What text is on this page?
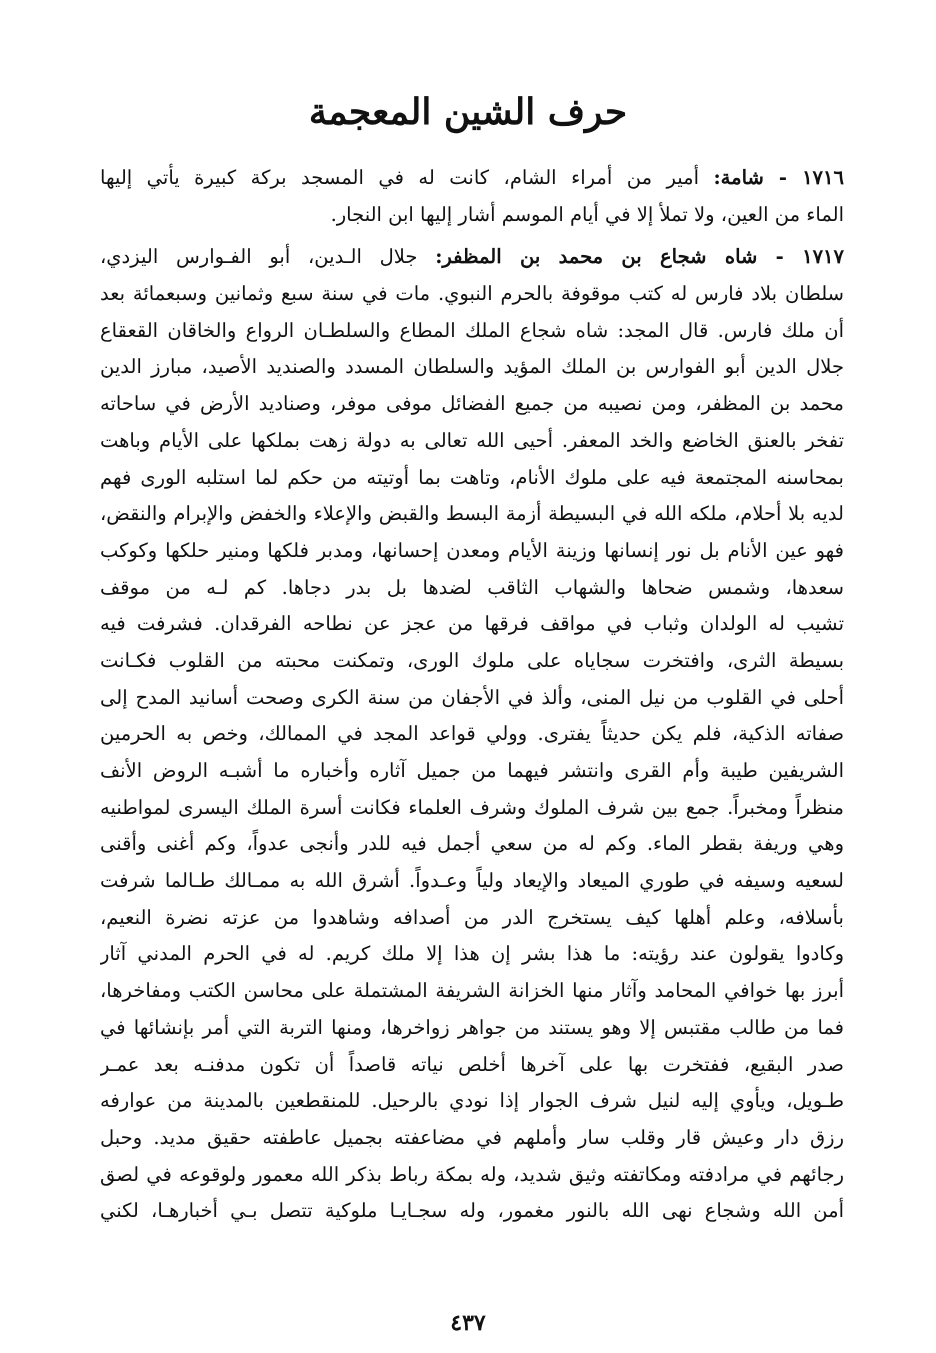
حرف الشين المعجمة
١٧١٦ - شامة: أمير من أمراء الشام، كانت له في المسجد بركة كبيرة يأتي إليها
الماء من العين، ولا تملأ إلا في أيام الموسم أشار إليها ابن النجار.
١٧١٧ - شاه شجاع بن محمد بن المظفر: جلال الـدين، أبو الفـوارس اليزدي،
سلطان بلاد فارس له كتب موقوفة بالحرم النبوي. مات في سنة سبع وثمانين وسبعمائة بعد
أن ملك فارس. قال المجد: شاه شجاع الملك المطاع والسلطـان الرواع والخاقان القعقاع
جلال الدين أبو الفوارس بن الملك المؤيد والسلطان المسدد والصنديد الأصيد، مبارز الدين
محمد بن المظفر، ومن نصيبه من جميع الفضائل موفى موفر، وصناديد الأرض في ساحاته
تفخر بالعنق الخاضع والخد المعفر. أحيى الله تعالى به دولة زهت بملكها على الأيام وباهت
بمحاسنه المجتمعة فيه على ملوك الأنام، وتاهت بما أوتيته من حكم لما استلبه الورى فهم
لديه بلا أحلام، ملكه الله في البسيطة أزمة البسط والقبض والإعلاء والخفض والإبرام والنقض،
فهو عين الأنام بل نور إنسانها وزينة الأيام ومعدن إحسانها، ومدبر فلكها ومنير حلكها وكوكب
سعدها، وشمس ضحاها والشهاب الثاقب لضدها بل بدر دجاها. كم لـه من موقف
تشيب له الولدان وثباب في مواقف فرقها من عجز عن نطاحه الفرقدان. فشرفت فيه
بسيطة الثرى، وافتخرت سجاياه على ملوك الورى، وتمكنت محبته من القلوب فكـانت
أحلى في القلوب من نيل المنى، وألذ في الأجفان من سنة الكرى وصحت أسانيد المدح إلى
صفاته الذكية، فلم يكن حديثاً يفترى. وولي قواعد المجد في الممالك، وخص به الحرمين
الشريفين طيبة وأم القرى وانتشر فيهما من جميل آثاره وأخباره ما أشبـه الروض الأنف
منظراً ومخبراً. جمع بين شرف الملوك وشرف العلماء فكانت أسرة الملك اليسرى لمواطنيه
وهي وريفة بقطر الماء. وكم له من سعي أجمل فيه للدر وأنجى عدواً، وكم أغنى وأقنى
لسعيه وسيفه في طوري الميعاد والإيعاد ولياً وعـدواً. أشرق الله به ممـالك طـالما شرفت
بأسلافه، وعلم أهلها كيف يستخرج الدر من أصدافه وشاهدوا من عزته نضرة النعيم،
وكادوا يقولون عند رؤيته: ما هذا بشر إن هذا إلا ملك كريم. له في الحرم المدني آثار
أبرز بها خوافي المحامد وآثار منها الخزانة الشريفة المشتملة على محاسن الكتب ومفاخرها،
فما من طالب مقتبس إلا وهو يستند من جواهر زواخرها، ومنها التربة التي أمر بإنشائها في
صدر البقيع، ففتخرت بها على آخرها أخلص نياته قاصداً أن تكون مدفنـه بعد عمـر
طـويل، ويأوي إليه لنيل شرف الجوار إذا نودي بالرحيل. للمنقطعين بالمدينة من عوارفه
رزق دار وعيش قار وقلب سار وأملهم في مضاعفته بجميل عاطفته حقيق مديد. وحبل
رجائهم في مرادفته ومكاتفته وثيق شديد، وله بمكة رباط بذكر الله معمور ولوقوعه في لصق
أمن الله وشجاع نهى الله بالنور مغمور، وله سجـايـا ملوكية تتصل بـي أخبارهـا، لكني
٤٣٧
